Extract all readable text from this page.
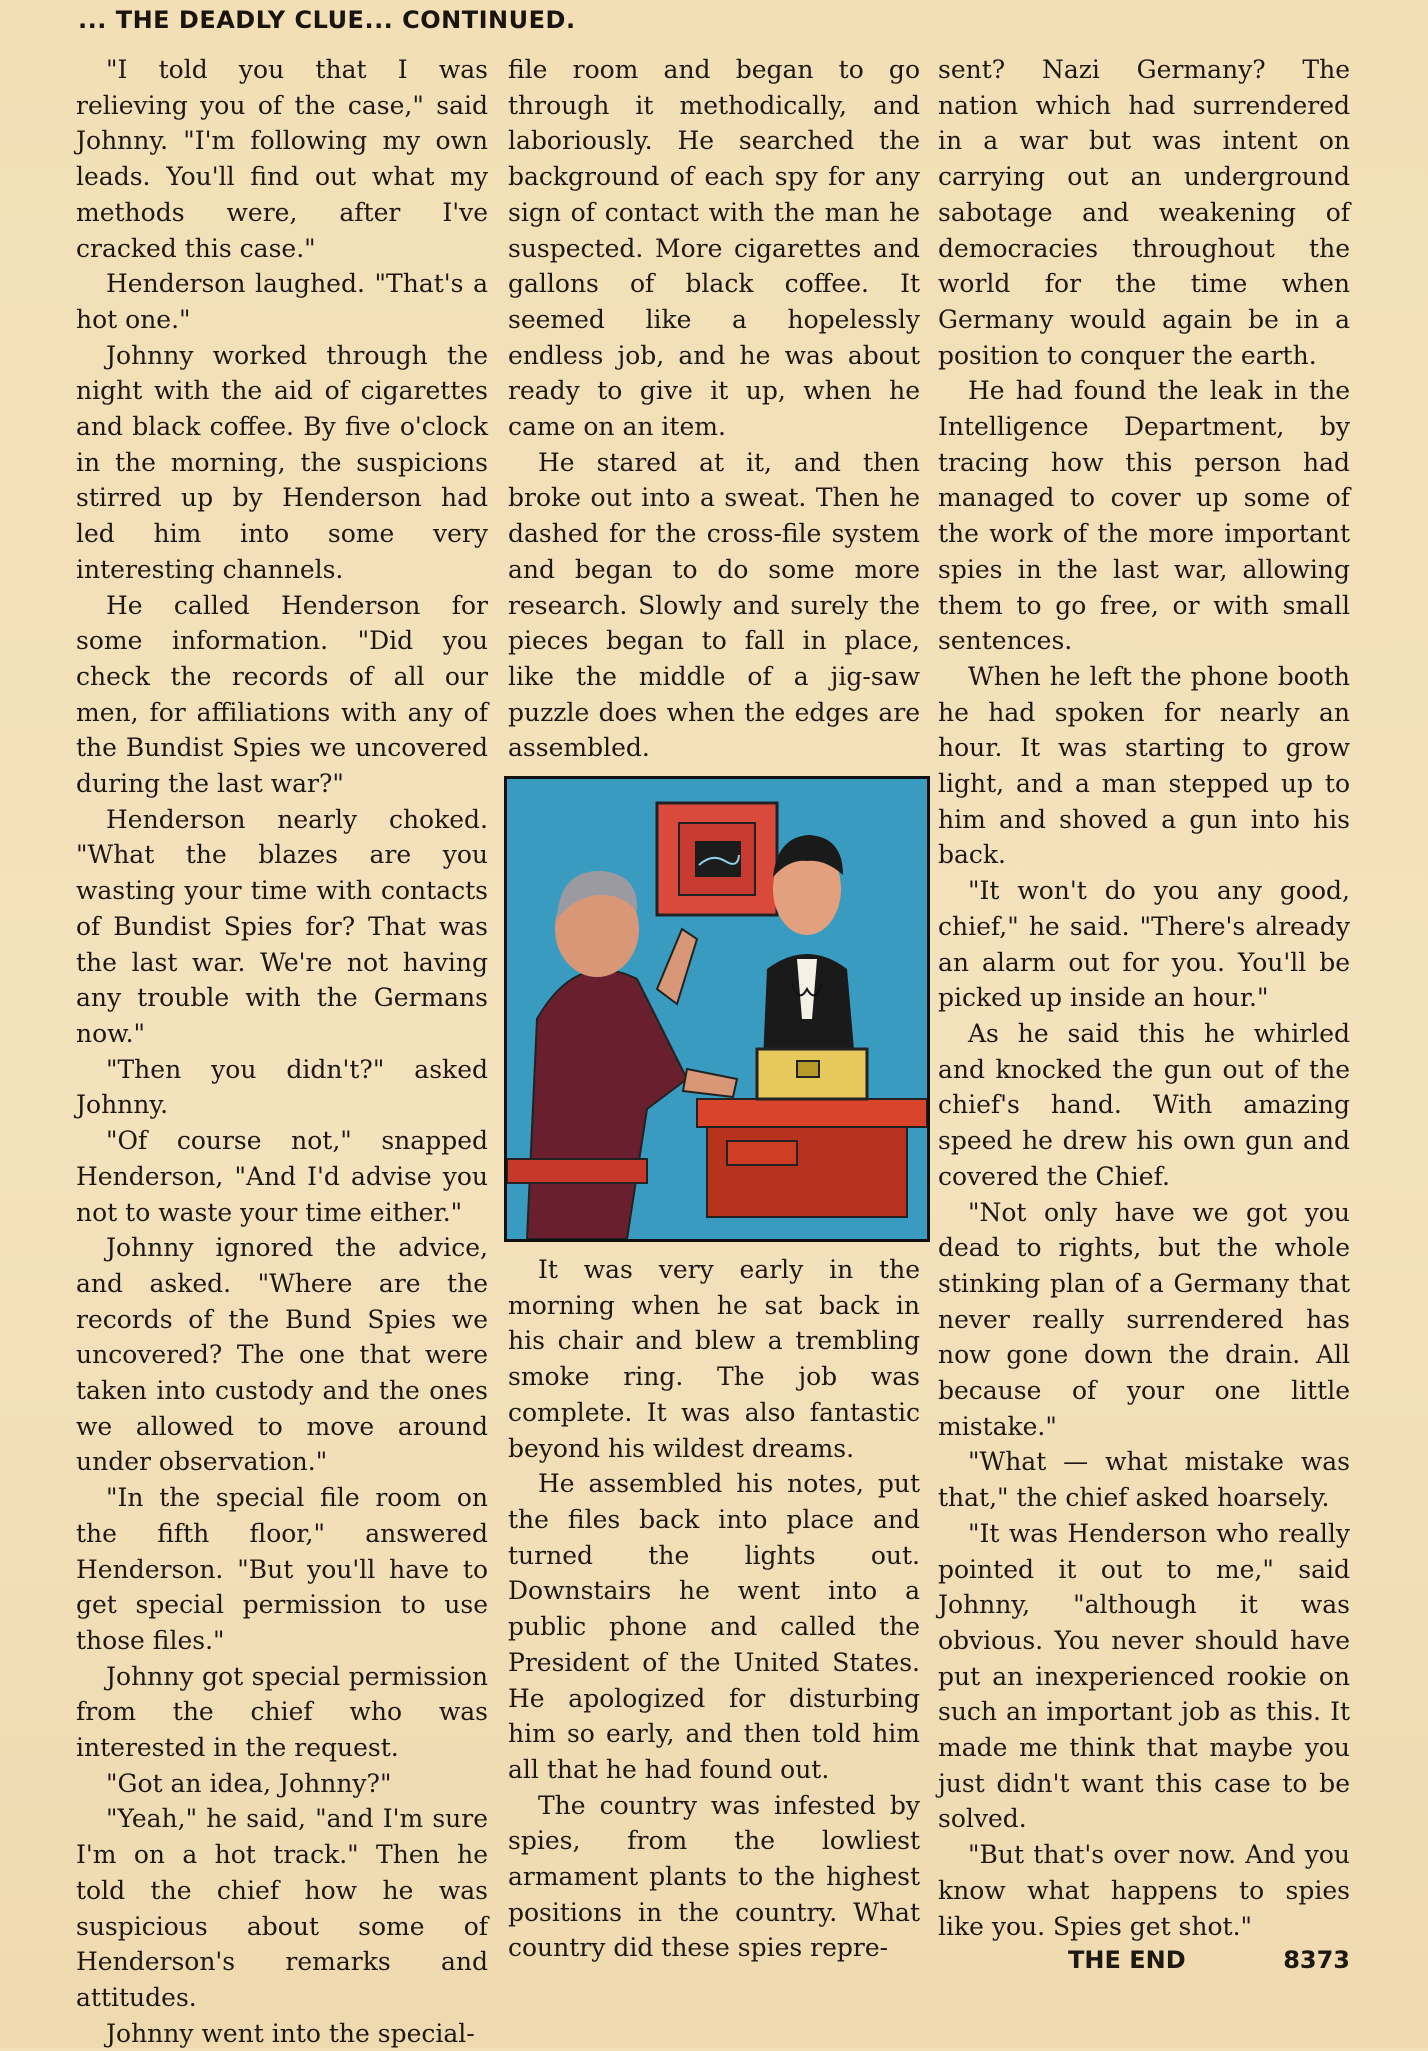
... THE DEADLY CLUE... CONTINUED.

"I told you that I was relieving you of the case," said Johnny. "I'm following my own leads. You'll find out what my methods were, after I've cracked this case."

Henderson laughed. "That's a hot one."

Johnny worked through the night with the aid of cigarettes and black coffee. By five o'clock in the morning, the suspicions stirred up by Henderson had led him into some very interesting channels.

He called Henderson for some information. "Did you check the records of all our men, for affiliations with any of the Bundist Spies we uncovered during the last war?"

Henderson nearly choked. "What the blazes are you wasting your time with contacts of Bundist Spies for? That was the last war. We're not having any trouble with the Germans now."

"Then you didn't?" asked Johnny.

"Of course not," snapped Henderson, "And I'd advise you not to waste your time either."

Johnny ignored the advice, and asked. "Where are the records of the Bund Spies we uncovered? The one that were taken into custody and the ones we allowed to move around under observation."

"In the special file room on the fifth floor," answered Henderson. "But you'll have to get special permission to use those files."

Johnny got special permission from the chief who was interested in the request.

"Got an idea, Johnny?"

"Yeah," he said, "and I'm sure I'm on a hot track." Then he told the chief how he was suspicious about some of Henderson's remarks and attitudes.

Johnny went into the special-

file room and began to go through it methodically, and laboriously. He searched the background of each spy for any sign of contact with the man he suspected. More cigarettes and gallons of black coffee. It seemed like a hopelessly endless job, and he was about ready to give it up, when he came on an item.

He stared at it, and then broke out into a sweat. Then he dashed for the cross-file system and began to do some more research. Slowly and surely the pieces began to fall in place, like the middle of a jig-saw puzzle does when the edges are assembled.

It was very early in the morning when he sat back in his chair and blew a trembling smoke ring. The job was complete. It was also fantastic beyond his wildest dreams.

He assembled his notes, put the files back into place and turned the lights out. Downstairs he went into a public phone and called the President of the United States. He apologized for disturbing him so early, and then told him all that he had found out.

The country was infested by spies, from the lowliest armament plants to the highest positions in the country. What country did these spies repre-

sent? Nazi Germany? The nation which had surrendered in a war but was intent on carrying out an underground sabotage and weakening of democracies throughout the world for the time when Germany would again be in a position to conquer the earth.

He had found the leak in the Intelligence Department, by tracing how this person had managed to cover up some of the work of the more important spies in the last war, allowing them to go free, or with small sentences.

When he left the phone booth he had spoken for nearly an hour. It was starting to grow light, and a man stepped up to him and shoved a gun into his back.

"It won't do you any good, chief," he said. "There's already an alarm out for you. You'll be picked up inside an hour."

As he said this he whirled and knocked the gun out of the chief's hand. With amazing speed he drew his own gun and covered the Chief.

"Not only have we got you dead to rights, but the whole stinking plan of a Germany that never really surrendered has now gone down the drain. All because of your one little mistake."

"What — what mistake was that," the chief asked hoarsely.

"It was Henderson who really pointed it out to me," said Johnny, "although it was obvious. You never should have put an inexperienced rookie on such an important job as this. It made me think that maybe you just didn't want this case to be solved.

"But that's over now. And you know what happens to spies like you. Spies get shot."

THE END	8373
